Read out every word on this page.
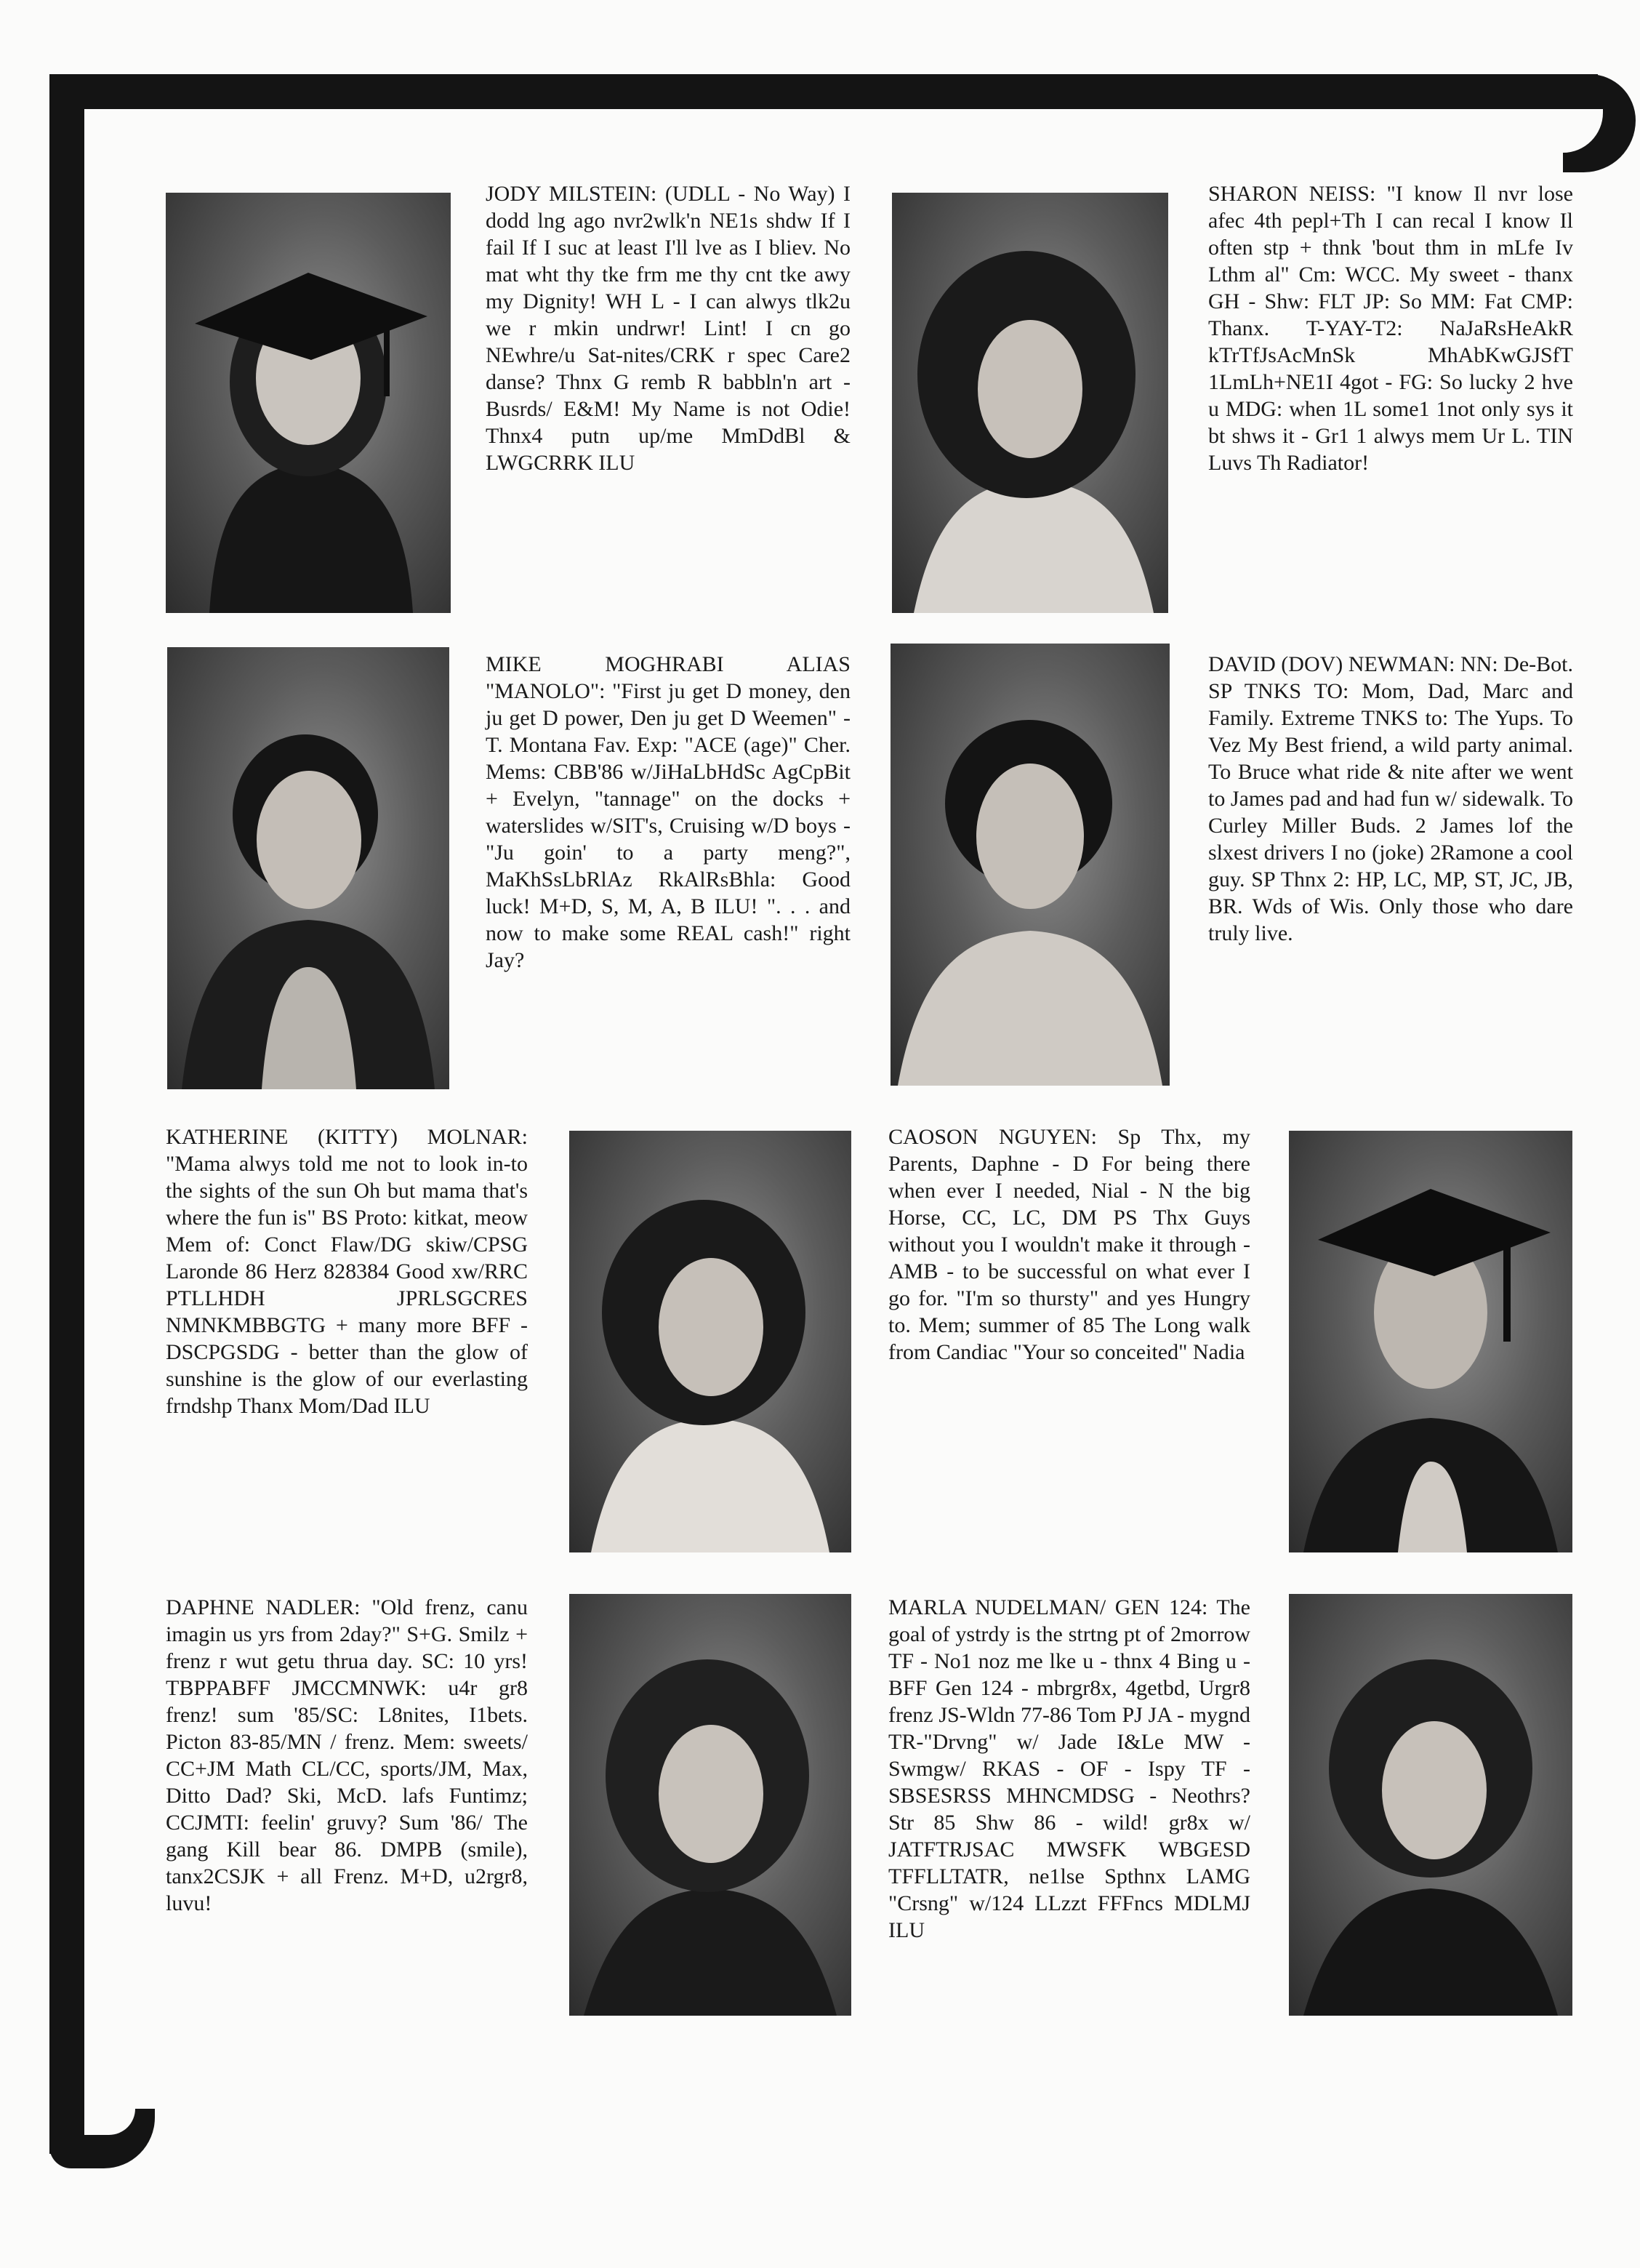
JODY MILSTEIN: (UDLL - No Way) I dodd lng ago nvr2wlk'n NE1s shdw If I fail If I suc at least I'll lve as I bliev. No mat wht thy tke frm me thy cnt tke awy my Dignity! WH L - I can alwys tlk2u we r mkin undrwr! Lint! I cn go NEwhre/u Sat-nites/CRK r spec Care2 danse? Thnx G remb R babbln'n art - Busrds/ E&M! My Name is not Odie! Thnx4 putn up/me MmDdBl & LWGCRRK ILU

SHARON NEISS: "I know Il nvr lose afec 4th pepl+Th I can recal I know Il often stp + thnk 'bout thm in mLfe Iv Lthm al" Cm: WCC. My sweet - thanx GH - Shw: FLT JP: So MM: Fat CMP: Thanx. T-YAY-T2: NaJaRsHeAkR kTrTfJsAcMnSk MhAbKwGJSfT 1LmLh+NE1I 4got - FG: So lucky 2 hve u MDG: when 1L some1 1not only sys it bt shws it - Gr1 1 alwys mem Ur L. TIN Luvs Th Radiator!

MIKE MOGHRABI ALIAS "MANOLO": "First ju get D money, den ju get D power, Den ju get D Weemen" - T. Montana Fav. Exp: "ACE (age)" Cher. Mems: CBB'86 w/JiHaLbHdSc AgCpBit + Evelyn, "tannage" on the docks + waterslides w/SIT's, Cruising w/D boys - "Ju goin' to a party meng?", MaKhSsLbRlAz RkAlRsBhla: Good luck! M+D, S, M, A, B ILU! ". . . and now to make some REAL cash!" right Jay?

DAVID (DOV) NEWMAN: NN: De-Bot. SP TNKS TO: Mom, Dad, Marc and Family. Extreme TNKS to: The Yups. To Vez My Best friend, a wild party animal. To Bruce what ride & nite after we went to James pad and had fun w/ sidewalk. To Curley Miller Buds. 2 James lof the slxest drivers I no (joke) 2Ramone a cool guy. SP Thnx 2: HP, LC, MP, ST, JC, JB, BR. Wds of Wis. Only those who dare truly live.

KATHERINE (KITTY) MOLNAR: "Mama alwys told me not to look in-to the sights of the sun Oh but mama that's where the fun is" BS Proto: kitkat, meow Mem of: Conct Flaw/DG skiw/CPSG Laronde 86 Herz 828384 Good xw/RRC PTLLHDH JPRLSGCRES NMNKMBBGTG + many more BFF - DSCPGSDG - better than the glow of sunshine is the glow of our everlasting frndshp Thanx Mom/Dad ILU

CAOSON NGUYEN: Sp Thx, my Parents, Daphne - D For being there when ever I needed, Nial - N the big Horse, CC, LC, DM PS Thx Guys without you I wouldn't make it through - AMB - to be successful on what ever I go for. "I'm so thursty" and yes Hungry to. Mem; summer of 85 The Long walk from Candiac "Your so conceited" Nadia

DAPHNE NADLER: "Old frenz, canu imagin us yrs from 2day?" S+G. Smilz + frenz r wut getu thrua day. SC: 10 yrs! TBPPABFF JMCCMNWK: u4r gr8 frenz! sum '85/SC: L8nites, I1bets. Picton 83-85/MN / frenz. Mem: sweets/ CC+JM Math CL/CC, sports/JM, Max, Ditto Dad? Ski, McD. lafs Funtimz; CCJMTI: feelin' gruvy? Sum '86/ The gang Kill bear 86. DMPB (smile), tanx2CSJK + all Frenz. M+D, u2rgr8, luvu!

MARLA NUDELMAN/ GEN 124: The goal of ystrdy is the strtng pt of 2morrow TF - No1 noz me lke u - thnx 4 Bing u - BFF Gen 124 - mbrgr8x, 4getbd, Urgr8 frenz JS-Wldn 77-86 Tom PJ JA - mygnd TR-"Drvng" w/ Jade I&Le MW - Swmgw/ RKAS - OF - Ispy TF - SBSESRSS MHNCMDSG - Neothrs? Str 85 Shw 86 - wild! gr8x w/ JATFTRJSAC MWSFK WBGESD TFFLLTATR, ne1lse Spthnx LAMG "Crsng" w/124 LLzzt FFFncs MDLMJ ILU
